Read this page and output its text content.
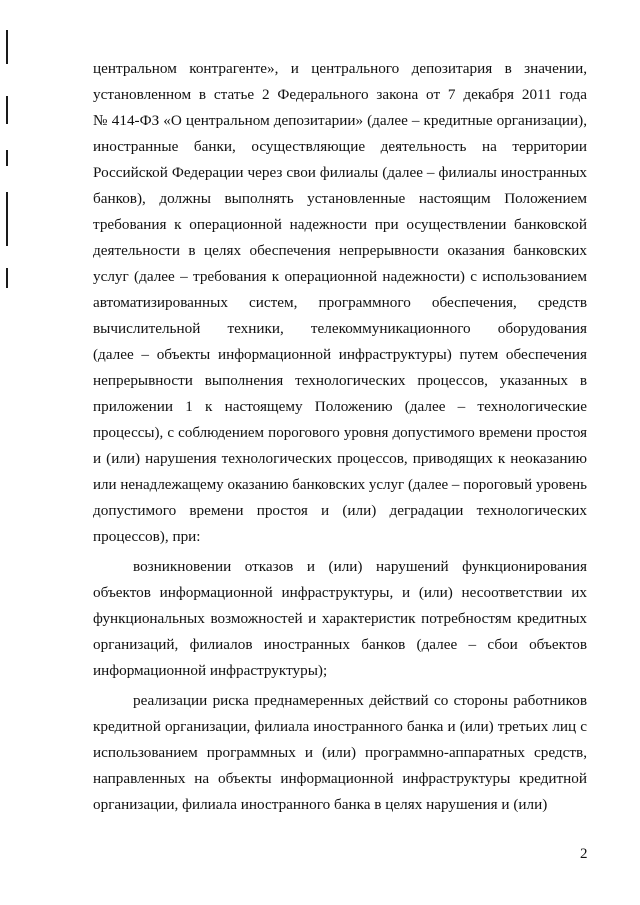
центральном контрагенте», и центрального депозитария в значении,
установленном в статье 2 Федерального закона от 7 декабря 2011 года
№ 414-ФЗ «О центральном депозитарии» (далее – кредитные организации),
иностранные банки, осуществляющие деятельность на территории
Российской Федерации через свои филиалы (далее – филиалы иностранных
банков), должны выполнять установленные настоящим Положением
требования к операционной надежности при осуществлении банковской
деятельности в целях обеспечения непрерывности оказания банковских
услуг (далее – требования к операционной надежности) с использованием
автоматизированных систем, программного обеспечения, средств
вычислительной техники, телекоммуникационного оборудования
(далее – объекты информационной инфраструктуры) путем обеспечения
непрерывности выполнения технологических процессов, указанных в
приложении 1 к настоящему Положению (далее – технологические
процессы), с соблюдением порогового уровня допустимого времени простоя
и (или) нарушения технологических процессов, приводящих к неоказанию
или ненадлежащему оказанию банковских услуг (далее – пороговый уровень
допустимого времени простоя и (или) деградации технологических
процессов), при:
возникновении отказов и (или) нарушений функционирования
объектов информационной инфраструктуры, и (или) несоответствии их
функциональных возможностей и характеристик потребностям кредитных
организаций, филиалов иностранных банков (далее – сбои объектов
информационной инфраструктуры);
реализации риска преднамеренных действий со стороны работников
кредитной организации, филиала иностранного банка и (или) третьих лиц с
использованием программных и (или) программно-аппаратных средств,
направленных на объекты информационной инфраструктуры кредитной
организации, филиала иностранного банка в целях нарушения и (или)
2
